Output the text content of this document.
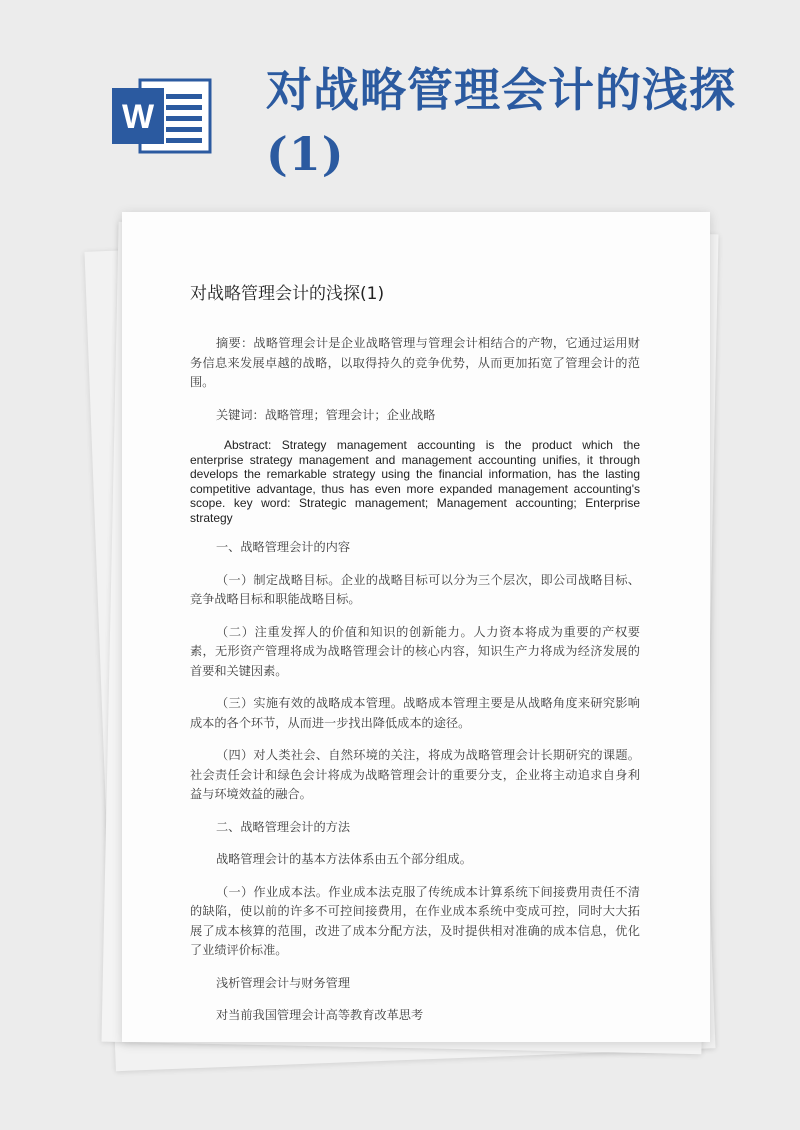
W 对战略管理会计的浅探(1)
对战略管理会计的浅探(1)

摘要：战略管理会计是企业战略管理与管理会计相结合的产物，它通过运用财务信息来发展卓越的战略，以取得持久的竞争优势，从而更加拓宽了管理会计的范围。

关键词：战略管理；管理会计；企业战略

Abstract: Strategy management accounting is the product which the enterprise strategy management and management accounting unifies, it through develops the remarkable strategy using the financial information, has the lasting competitive advantage, thus has even more expanded management accounting's scope. key word: Strategic management; Management accounting; Enterprise strategy

一、战略管理会计的内容

（一）制定战略目标。企业的战略目标可以分为三个层次，即公司战略目标、竞争战略目标和职能战略目标。

（二）注重发挥人的价值和知识的创新能力。人力资本将成为重要的产权要素，无形资产管理将成为战略管理会计的核心内容，知识生产力将成为经济发展的首要和关键因素。

（三）实施有效的战略成本管理。战略成本管理主要是从战略角度来研究影响成本的各个环节，从而进一步找出降低成本的途径。

（四）对人类社会、自然环境的关注，将成为战略管理会计长期研究的课题。社会责任会计和绿色会计将成为战略管理会计的重要分支，企业将主动追求自身利益与环境效益的融合。

二、战略管理会计的方法

战略管理会计的基本方法体系由五个部分组成。

（一）作业成本法。作业成本法克服了传统成本计算系统下间接费用责任不清的缺陷，使以前的许多不可控间接费用，在作业成本系统中变成可控，同时大大拓展了成本核算的范围，改进了成本分配方法，及时提供相对准确的成本信息，优化了业绩评价标准。

浅析管理会计与财务管理

对当前我国管理会计高等教育改革思考
